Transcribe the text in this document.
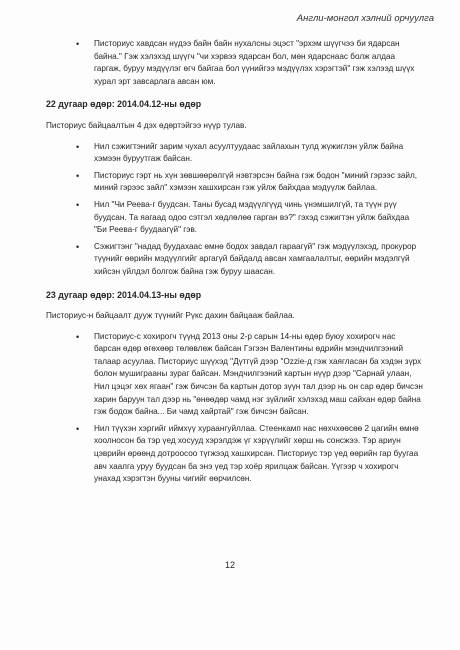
Англи-монгол хэлний орчуулга
• Писториус хавдсан нүдээ байн байн нухалсны эцэст "эрхэм шүүгчээ би ядарсан байна." Гэж хэлэхэд шүүгч "чи хэрвээ ядарсан бол, мөн ядарснаас болж алдаа гаргаж, буруу мэдүүлэг өгч байгаа бол үүнийгээ мэдүүлэх хэрэгтэй" гэж хэлээд шүүх хурал эрт завсарлага авсан юм.
22 дугаар өдөр: 2014.04.12-ны өдөр
Писториус байцаалтын 4 дэх өдөртэйгээ нүүр тулав.
• Нил сэжигтэнийг зарим чухал асуултуудаас зайлахын тулд жүжиглэн уйлж байна хэмээн буруутгаж байсан.
• Писториус гэрт нь хүн зөвшөөрөлгүй нэвтэрсэн байна гэж бодон "миний гэрээс зайл, миний гэрээс зайл" хэмээн хашхирсан гэж уйлж байхдаа мэдүүлж байлаа.
• Нил "Чи Реева-г буудсан. Таны бусад мэдүүлгүүд чинь үнэмшилгүй, та түүн рүү буудсан. Та яагаад одоо сэтгэл хөдлөлөө гарган вэ?" гэхэд сэжигтэн уйлж байхдаа "Би Реева-г буудаагүй" гэв.
• Сэжигтэнг "надад буудахаас өмнө бодох завдал гараагүй" гэж мэдүүлэхэд, прокурор түүнийг өөрийн мэдүүлгийг аргагүй байдалд авсан хамгаалалтыг, өөрийн мэдэлгүй хийсэн үйлдэл болгож байна гэж буруу шаасан.
23 дугаар өдөр: 2014.04.13-ны өдөр
Писториус-н байцаалт дууж түүнийг Рүкс дахин байцааж байлаа.
• Писториус-с хохирогч түүнд 2013 оны 2-р сарын 14-ны өдөр буюу хохирогч нас барсан өдөр өгөхөөр төлөвлөж байсан Гэгээн Валентины өдрийн мэндчилгээний талаар асуулаа. Писториус шүүхэд "Дүтгүй дээр "Ozzie-д гэж хаягласан ба хэдэн зүрх болон мушиграаны зураг байсан. Мэндчилгээний картын нүүр дээр "Сарнай улаан, Нил цэцэг хөх ягаан" гэж бичсэн ба картын дотор зүүн тал дээр нь он сар өдөр бичсэн харин баруун тал дээр нь "өнөөдөр чамд нэг зүйлийг хэлэхэд маш сайхан өдөр байна гэж бодож байна... Би чамд хайртай" гэж бичсэн байсан.
• Нил түүхэн хэргийг иймхүү хураангуйллаа. Стеенкамп нас нөхчхөөсөө 2 цагийн өмнө хоолносон ба тэр үед хосууд хэрэлдэж үг хэрүүлийг хөрш нь сонсжээ. Тэр ариун цэврийн өрөөнд дотроосоо түгжээд хашхирсан. Писториус тэр үед өөрийн гар буугаа авч хаалга уруу буудсан ба энэ үед тэр хоёр ярилцаж байсан. Үүгээр ч хохирогч унахад хэрэгтэн бууны чигийг өөрчилсөн.
12
